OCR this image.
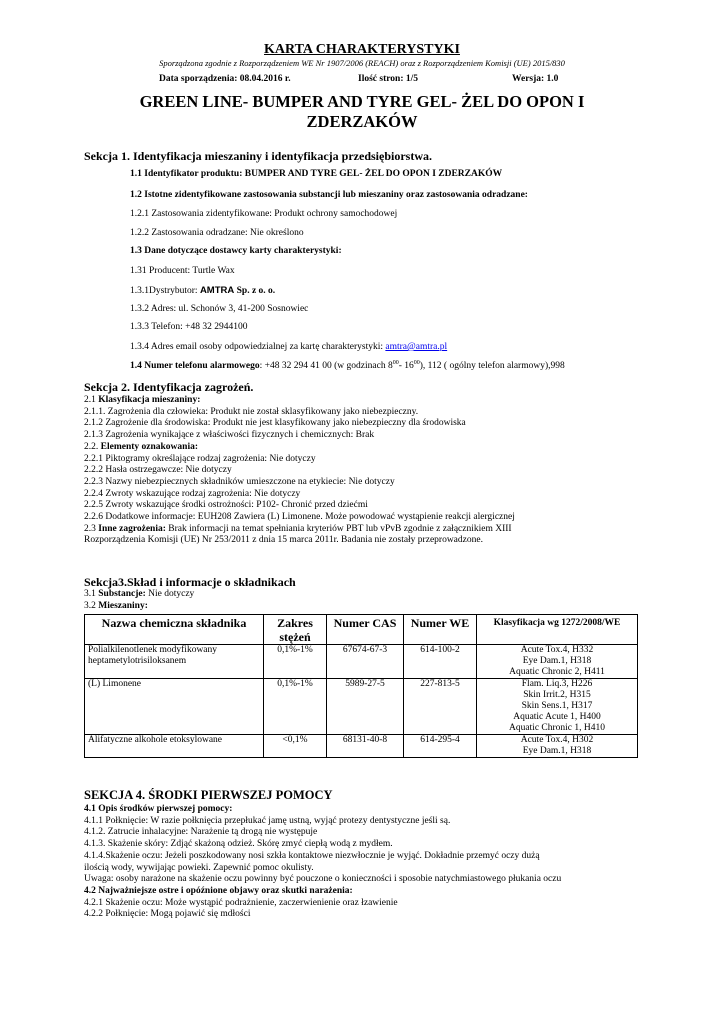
KARTA CHARAKTERYSTYKI
Sporządzona zgodnie z Rozporządzeniem WE Nr 1907/2006 (REACH) oraz z Rozporządzeniem Komisji (UE) 2015/830
Data sporządzenia: 08.04.2016 r.	Ilość stron: 1/5	Wersja: 1.0
GREEN LINE- BUMPER AND TYRE GEL- ŻEL DO OPON I
ZDERZAKÓW
Sekcja 1. Identyfikacja mieszaniny i identyfikacja przedsiębiorstwa.
1.1 Identyfikator produktu: BUMPER AND TYRE GEL- ŻEL DO OPON I ZDERZAKÓW
1.2 Istotne zidentyfikowane zastosowania substancji lub mieszaniny oraz zastosowania odradzane:
1.2.1 Zastosowania zidentyfikowane: Produkt ochrony samochodowej
1.2.2 Zastosowania odradzane: Nie określono
1.3 Dane dotyczące dostawcy karty charakterystyki:
1.31 Producent: Turtle Wax
1.3.1Dystrybutor: AMTRA Sp. z o. o.
1.3.2 Adres: ul. Schonów 3, 41-200 Sosnowiec
1.3.3 Telefon: +48 32 2944100
1.3.4 Adres email osoby odpowiedzialnej za kartę charakterystyki: amtra@amtra.pl
1.4 Numer telefonu alarmowego: +48 32 294 41 00 (w godzinach $8^{00}-$ $16^{00}$), 112 ( ogólny telefon alarmowy),998
Sekcja 2. Identyfikacja zagrożeń.
2.1 Klasyfikacja mieszaniny:
2.1.1. Zagrożenia dla człowieka: Produkt nie został sklasyfikowany jako niebezpieczny.
2.1.2 Zagrożenie dla środowiska: Produkt nie jest klasyfikowany jako niebezpieczny dla środowiska
2.1.3 Zagrożenia wynikające z właściwości fizycznych i chemicznych: Brak
2.2. Elementy oznakowania:
2.2.1 Piktogramy określające rodzaj zagrożenia: Nie dotyczy
2.2.2 Hasła ostrzegawcze: Nie dotyczy
2.2.3 Nazwy niebezpiecznych składników umieszczone na etykiecie: Nie dotyczy
2.2.4 Zwroty wskazujące rodzaj zagrożenia: Nie dotyczy
2.2.5 Zwroty wskazujące środki ostrożności: P102- Chronić przed dziećmi
2.2.6 Dodatkowe informacje: EUH208 Zawiera (L) Limonene. Może powodować wystąpienie reakcji alergicznej
2.3 Inne zagrożenia: Brak informacji na temat spełniania kryteriów PBT lub vPvB zgodnie z załącznikiem XIII
Rozporządzenia Komisji (UE) Nr 253/2011 z dnia 15 marca 2011r. Badania nie zostały przeprowadzone.
Sekcja3.Skład i informacje o składnikach
3.1 Substancje: Nie dotyczy
3.2 Mieszaniny:
Nazwa chemiczna składnika	Zakres stężeń	Numer CAS	Numer WE	Klasyfikacja wg 1272/2008/WE
Polialkilenotlenek modyfikowany heptametylotrisiloksanem	0,1%-1%	67674-67-3	614-100-2	Acute Tox.4, H332
Eye Dam.1, H318
Aquatic Chronic 2, H411

(L) Limonene	0,1%-1%	5989-27-5	227-813-5	Flam. Liq.3, H226
Skin Irrit.2, H315
Skin Sens.1, H317
Aquatic Acute 1, H400
Aquatic Chronic 1, H410

Alifatyczne alkohole etoksylowane	<0,1%	68131-40-8	614-295-4	Acute Tox.4, H302
Eye Dam.1, H318
SEKCJA 4. ŚRODKI PIERWSZEJ POMOCY
4.1 Opis środków pierwszej pomocy:
4.1.1 Połknięcie: W razie połknięcia przepłukać jamę ustną, wyjąć protezy dentystyczne jeśli są.
4.1.2. Zatrucie inhalacyjne: Narażenie tą drogą nie występuje
4.1.3. Skażenie skóry: Zdjąć skażoną odzież. Skórę zmyć ciepłą wodą z mydłem.
4.1.4.Skażenie oczu: Jeżeli poszkodowany nosi szkła kontaktowe niezwłocznie je wyjąć. Dokładnie przemyć oczy dużą
ilością wody, wywijając powieki. Zapewnić pomoc okulisty.
Uwaga: osoby narażone na skażenie oczu powinny być pouczone o konieczności i sposobie natychmiastowego płukania oczu
4.2 Najważniejsze ostre i opóźnione objawy oraz skutki narażenia:
4.2.1 Skażenie oczu: Może wystąpić podrażnienie, zaczerwienienie oraz łzawienie
4.2.2 Połknięcie: Mogą pojawić się mdłości
